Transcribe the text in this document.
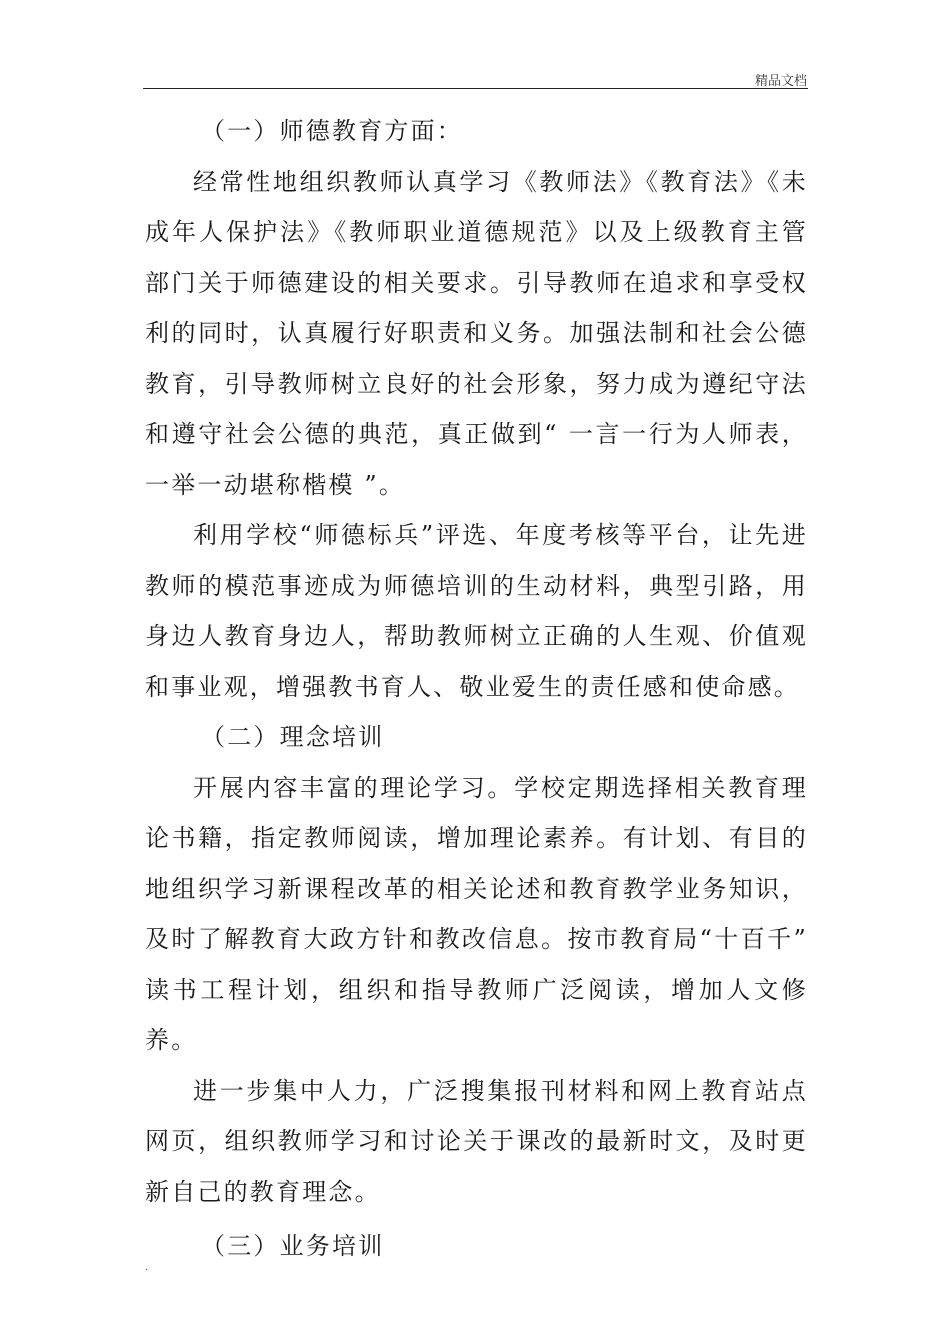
精品文档

（一）师德教育方面：

经常性地组织教师认真学习《教师法》《教育法》《未成年人保护法》《教师职业道德规范》以及上级教育主管部门关于师德建设的相关要求。引导教师在追求和享受权利的同时，认真履行好职责和义务。加强法制和社会公德教育，引导教师树立良好的社会形象，努力成为遵纪守法和遵守社会公德的典范，真正做到“ 一言一行为人师表，一举一动堪称楷模 ”。

利用学校“师德标兵”评选、年度考核等平台，让先进教师的模范事迹成为师德培训的生动材料，典型引路，用身边人教育身边人，帮助教师树立正确的人生观、价值观和事业观，增强教书育人、敬业爱生的责任感和使命感。

（二）理念培训

开展内容丰富的理论学习。学校定期选择相关教育理论书籍，指定教师阅读，增加理论素养。有计划、有目的地组织学习新课程改革的相关论述和教育教学业务知识，及时了解教育大政方针和教改信息。按市教育局“十百千” 读书工程计划，组织和指导教师广泛阅读，增加人文修养。

进一步集中人力，广泛搜集报刊材料和网上教育站点网页，组织教师学习和讨论关于课改的最新时文，及时更新自己的教育理念。

（三）业务培训

.
